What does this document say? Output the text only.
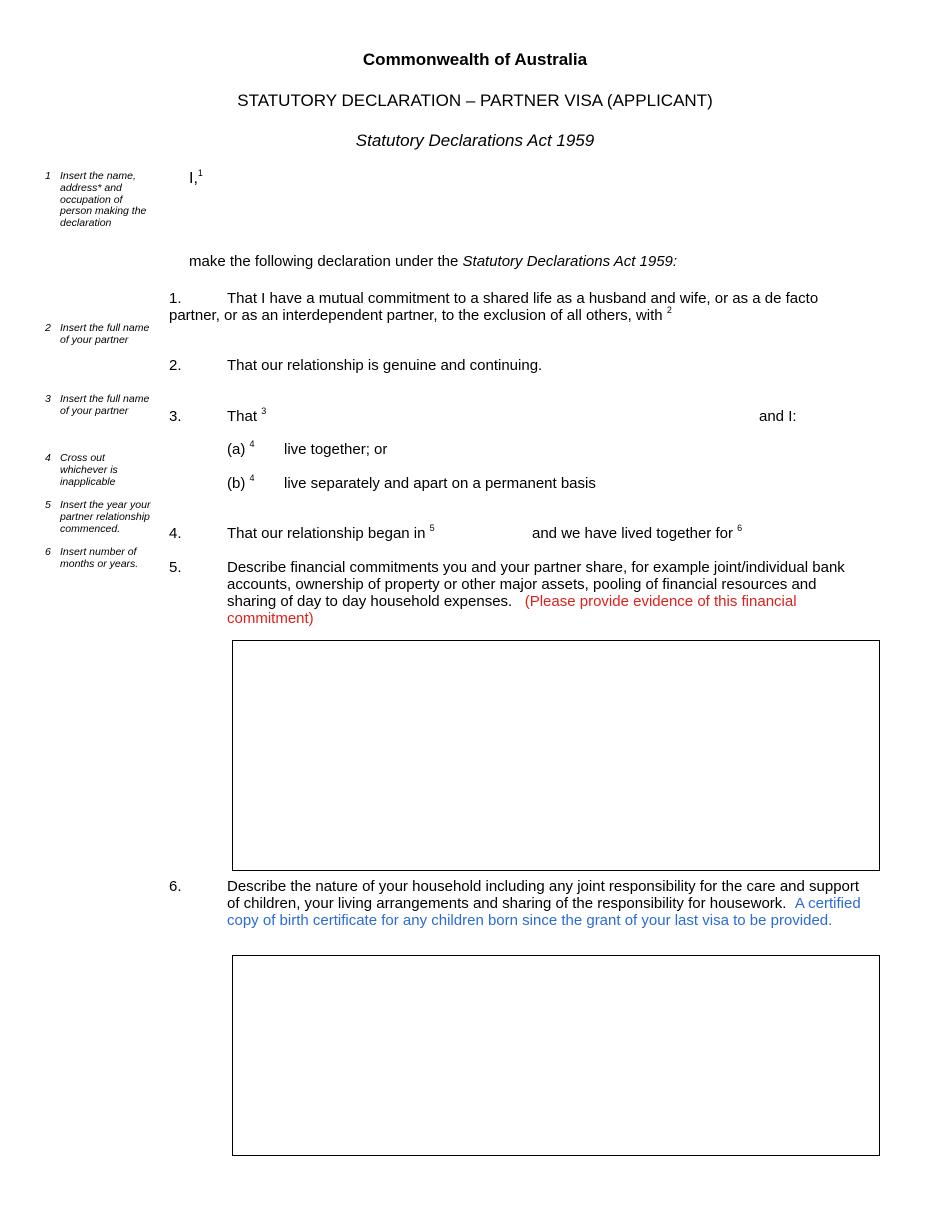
Commonwealth of Australia
STATUTORY DECLARATION – PARTNER VISA (APPLICANT)
Statutory Declarations Act 1959
1 Insert the name, address* and occupation of person making the declaration
2 Insert the full name of your partner
3 Insert the full name of your partner
4 Cross out whichever is inapplicable
5 Insert the year your partner relationship commenced.
6 Insert number of months or years.
I,$^1$
make the following declaration under the Statutory Declarations Act 1959:
1.	That I have a mutual commitment to a shared life as a husband and wife, or as a de facto
partner, or as an interdependent partner, to the exclusion of all others, with $^2$
2.	That our relationship is genuine and continuing.
3.	That $^3$	and I:
(a) $^4$ live together; or
(b) $^4$ live separately and apart on a permanent basis
4.	That our relationship began in $^5$	and we have lived together for $^6$
5.	Describe financial commitments you and your partner share, for example joint/individual bank
accounts, ownership of property or other major assets, pooling of financial resources and
sharing of day to day household expenses. (Please provide evidence of this financial
commitment)
6.	Describe the nature of your household including any joint responsibility for the care and support
of children, your living arrangements and sharing of the responsibility for housework. A certified
copy of birth certificate for any children born since the grant of your last visa to be provided.
